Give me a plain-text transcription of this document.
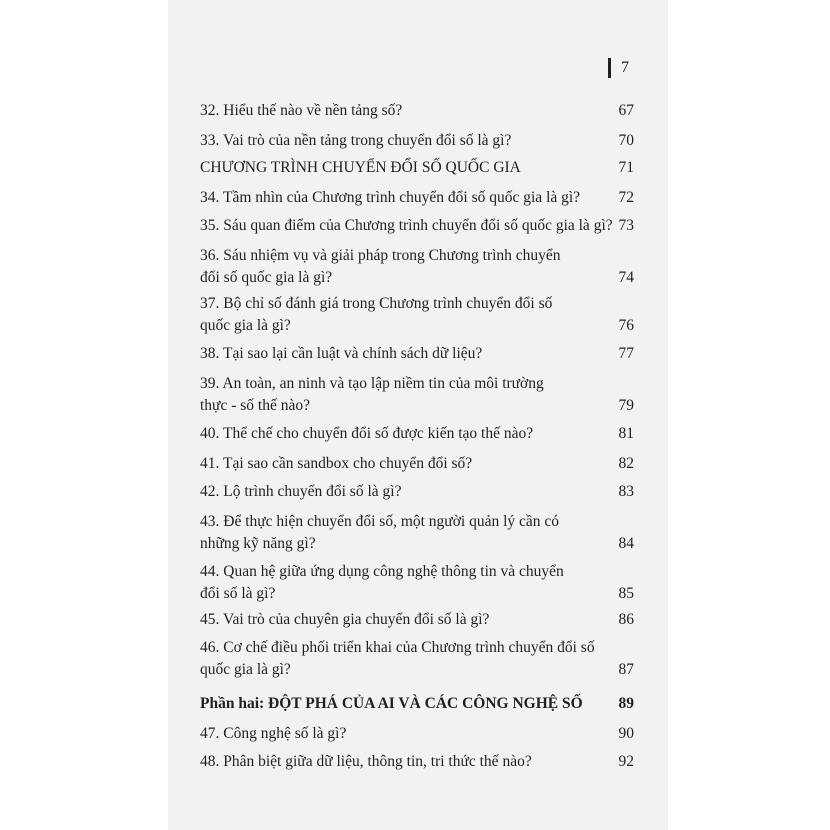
7
32. Hiểu thế nào về nền tảng số?	67
33. Vai trò của nền tảng trong chuyển đổi số là gì?	70
CHƯƠNG TRÌNH CHUYỂN ĐỔI SỐ QUỐC GIA	71
34. Tầm nhìn của Chương trình chuyển đổi số quốc gia là gì?	72
35. Sáu quan điểm của Chương trình chuyển đổi số quốc gia là gì? 73
36. Sáu nhiệm vụ và giải pháp trong Chương trình chuyển
đổi số quốc gia là gì?	74
37. Bộ chỉ số đánh giá trong Chương trình chuyển đổi số
quốc gia là gì?	76
38. Tại sao lại cần luật và chính sách dữ liệu?	77
39. An toàn, an ninh và tạo lập niềm tin của môi trường
thực - số thế nào?	79
40. Thể chế cho chuyển đổi số được kiến tạo thế nào?	81
41. Tại sao cần sandbox cho chuyển đổi số?	82
42. Lộ trình chuyển đổi số là gì?	83
43. Để thực hiện chuyển đổi số, một người quản lý cần có
những kỹ năng gì?	84
44. Quan hệ giữa ứng dụng công nghệ thông tin và chuyển
đổi số là gì?	85
45. Vai trò của chuyên gia chuyển đổi số là gì?	86
46. Cơ chế điều phối triển khai của Chương trình chuyển đổi số
quốc gia là gì?	87
Phần hai: ĐỘT PHÁ CỦA AI VÀ CÁC CÔNG NGHỆ SỐ	89
47. Công nghệ số là gì?	90
48. Phân biệt giữa dữ liệu, thông tin, tri thức thế nào?	92
